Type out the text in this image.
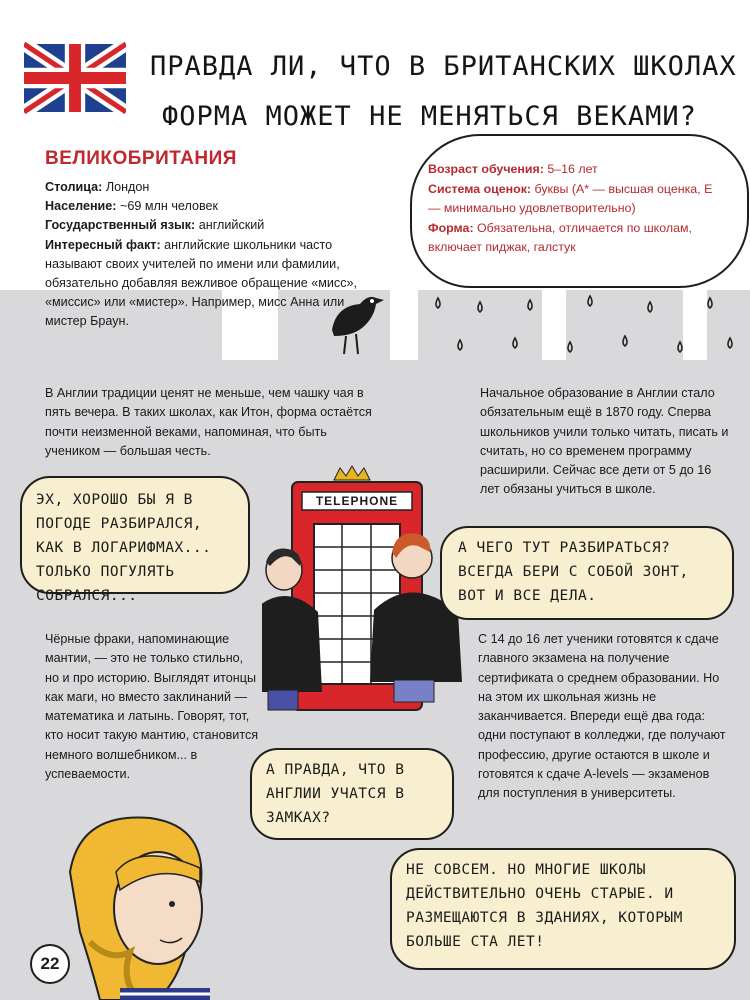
ПРАВДА ЛИ, ЧТО В БРИТАНСКИХ ШКОЛАХ
ФОРМА МОЖЕТ НЕ МЕНЯТЬСЯ ВЕКАМИ?
ВЕЛИКОБРИТАНИЯ
Столица: Лондон
Население: ~69 млн человек
Государственный язык: английский
Интересный факт: английские школьники часто называют своих учителей по имени или фамилии, обязательно добавляя вежливое обращение «мисс», «миссис» или «мистер». Например, мисс Анна или мистер Браун.
Возраст обучения: 5–16 лет
Система оценок: буквы (A* — высшая оценка, E — минимально удовлетворительно)
Форма: Обязательна, отличается по школам, включает пиджак, галстук
В Англии традиции ценят не меньше, чем чашку чая в пять вечера. В таких школах, как Итон, форма остаётся почти неизменной веками, напоминая, что быть учеником — большая честь.
Начальное образование в Англии стало обязательным ещё в 1870 году. Сперва школьников учили только читать, писать и считать, но со временем программу расширили. Сейчас все дети от 5 до 16 лет обязаны учиться в школе.
Чёрные фраки, напоминающие мантии, — это не только стильно, но и про историю. Выглядят итонцы как маги, но вместо заклинаний — математика и латынь. Говорят, тот, кто носит такую мантию, становится немного волшебником... в успеваемости.
С 14 до 16 лет ученики готовятся к сдаче главного экзамена на получение сертификата о среднем образовании. Но на этом их школьная жизнь не заканчивается. Впереди ещё два года: одни поступают в колледжи, где получают профессию, другие остаются в школе и готовятся к сдаче A-levels — экзаменов для поступления в университеты.
TELEPHONE
ЭХ, ХОРОШО БЫ Я В ПОГОДЕ РАЗБИРАЛСЯ, КАК В ЛОГАРИФМАХ... ТОЛЬКО ПОГУЛЯТЬ СОБРАЛСЯ...
А ЧЕГО ТУТ РАЗБИРАТЬСЯ? ВСЕГДА БЕРИ С СОБОЙ ЗОНТ, ВОТ И ВСЕ ДЕЛА.
А ПРАВДА, ЧТО В АНГЛИИ УЧАТСЯ В ЗАМКАХ?
НЕ СОВСЕМ. НО МНОГИЕ ШКОЛЫ ДЕЙСТВИТЕЛЬНО ОЧЕНЬ СТАРЫЕ. И РАЗМЕЩАЮТСЯ В ЗДАНИЯХ, КОТОРЫМ БОЛЬШЕ СТА ЛЕТ!
22
